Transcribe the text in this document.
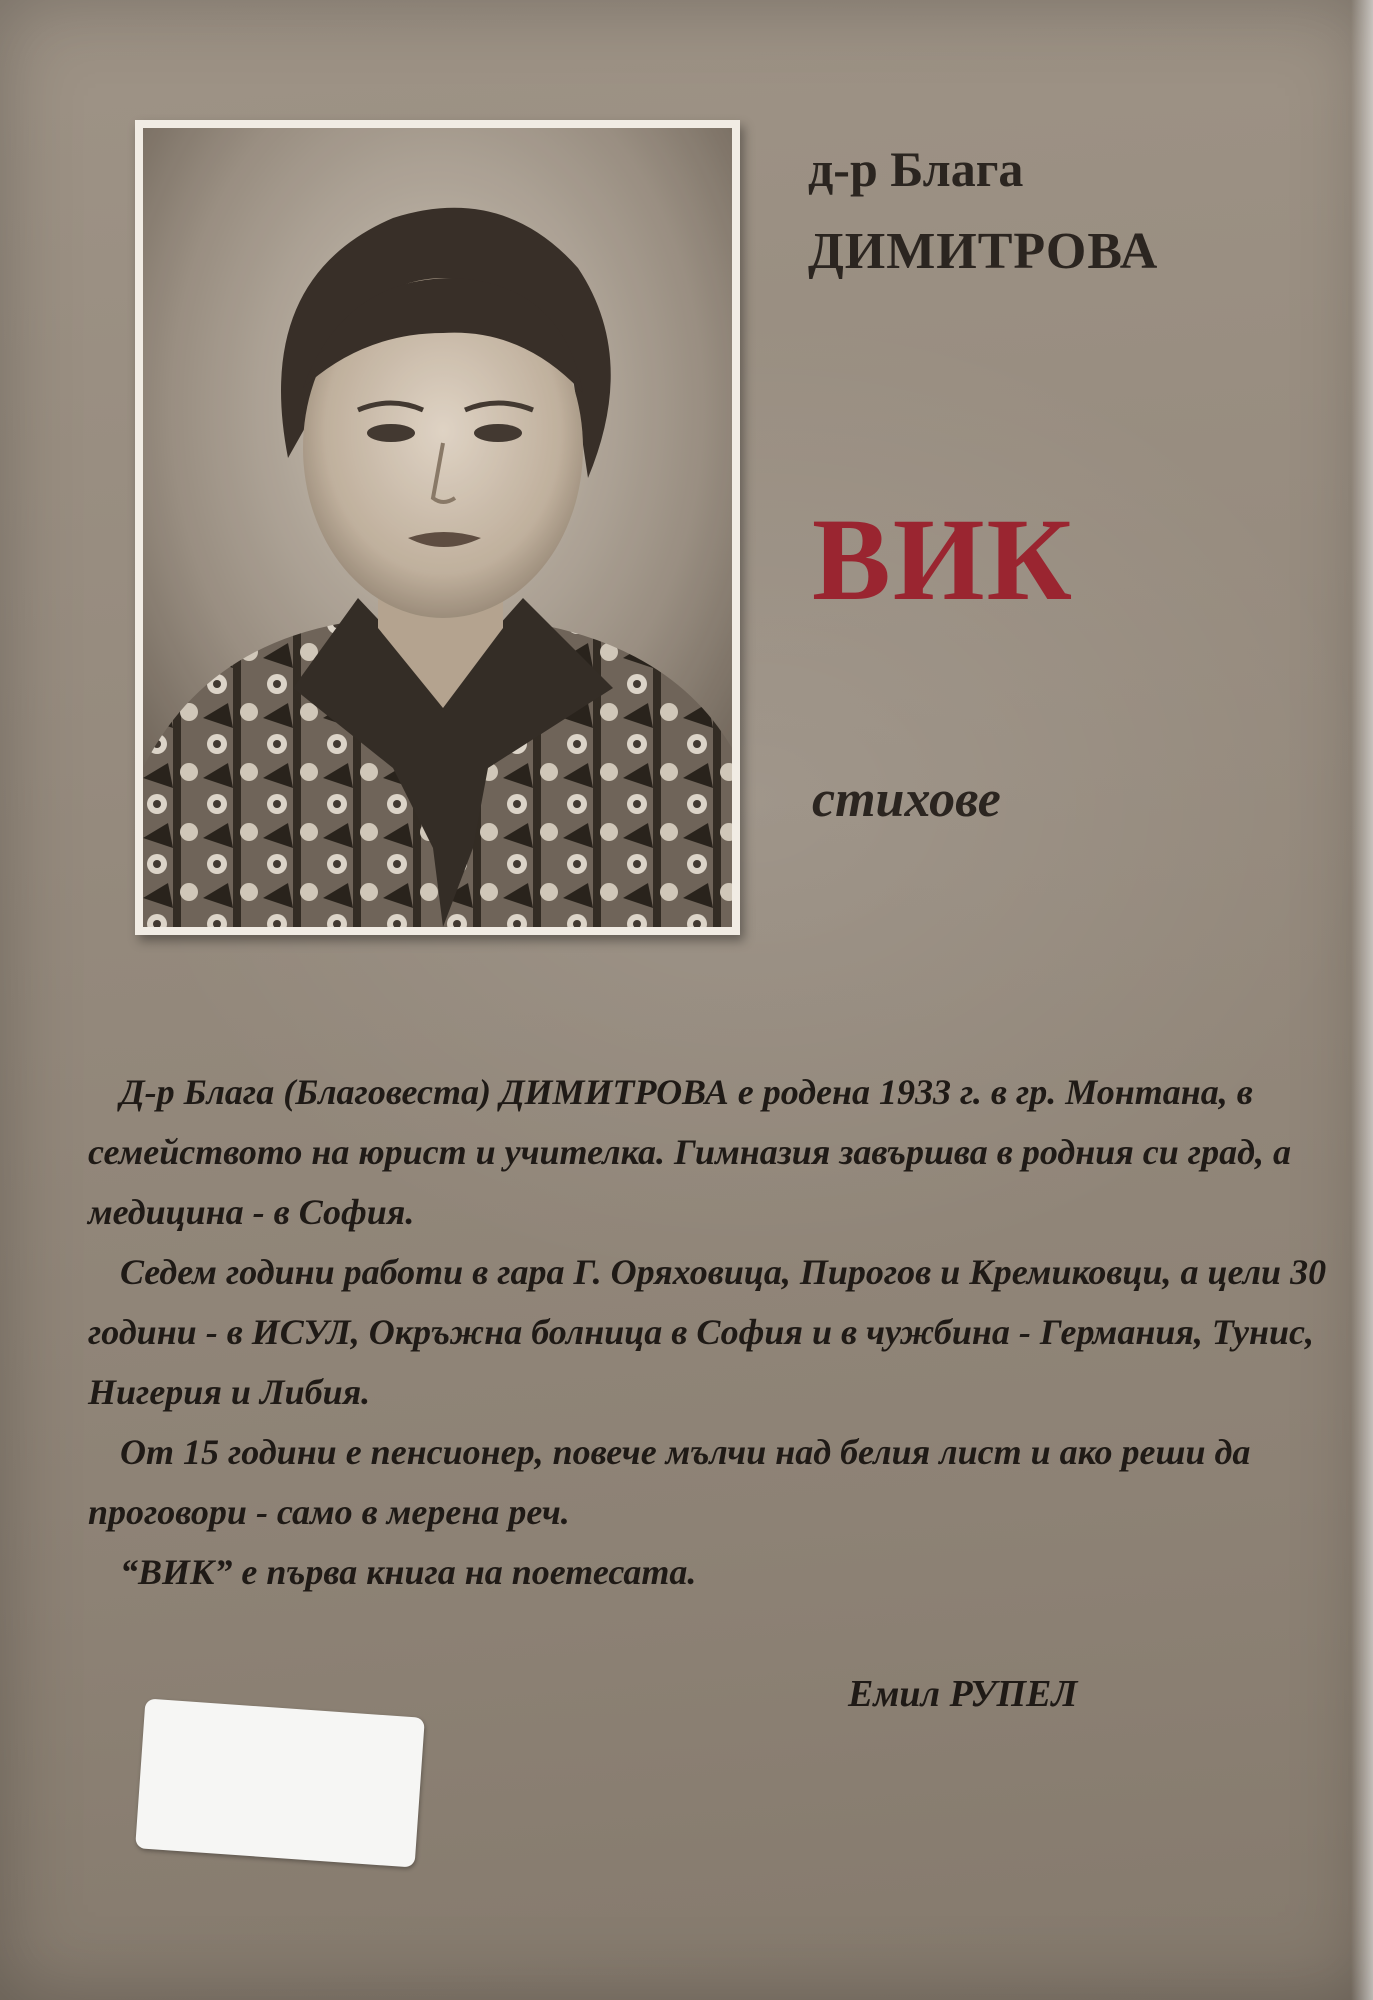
д-р Блага
ДИМИТРОВА
ВИК
стихове

Д-р Блага (Благовеста) ДИМИТРОВА е родена 1933 г. в гр. Монтана, в семейството на юрист и учителка. Гимназия завършва в родния си град, а медицина - в София.

Седем години работи в гара Г. Оряховица, Пирогов и Кремиковци, а цели 30 години - в ИСУЛ, Окръжна болница в София и в чужбина - Германия, Тунис, Нигерия и Либия.

От 15 години е пенсионер, повече мълчи над белия лист и ако реши да проговори - само в мерена реч.

“ВИК” е първа книга на поетесата.

Емил РУПЕЛ
